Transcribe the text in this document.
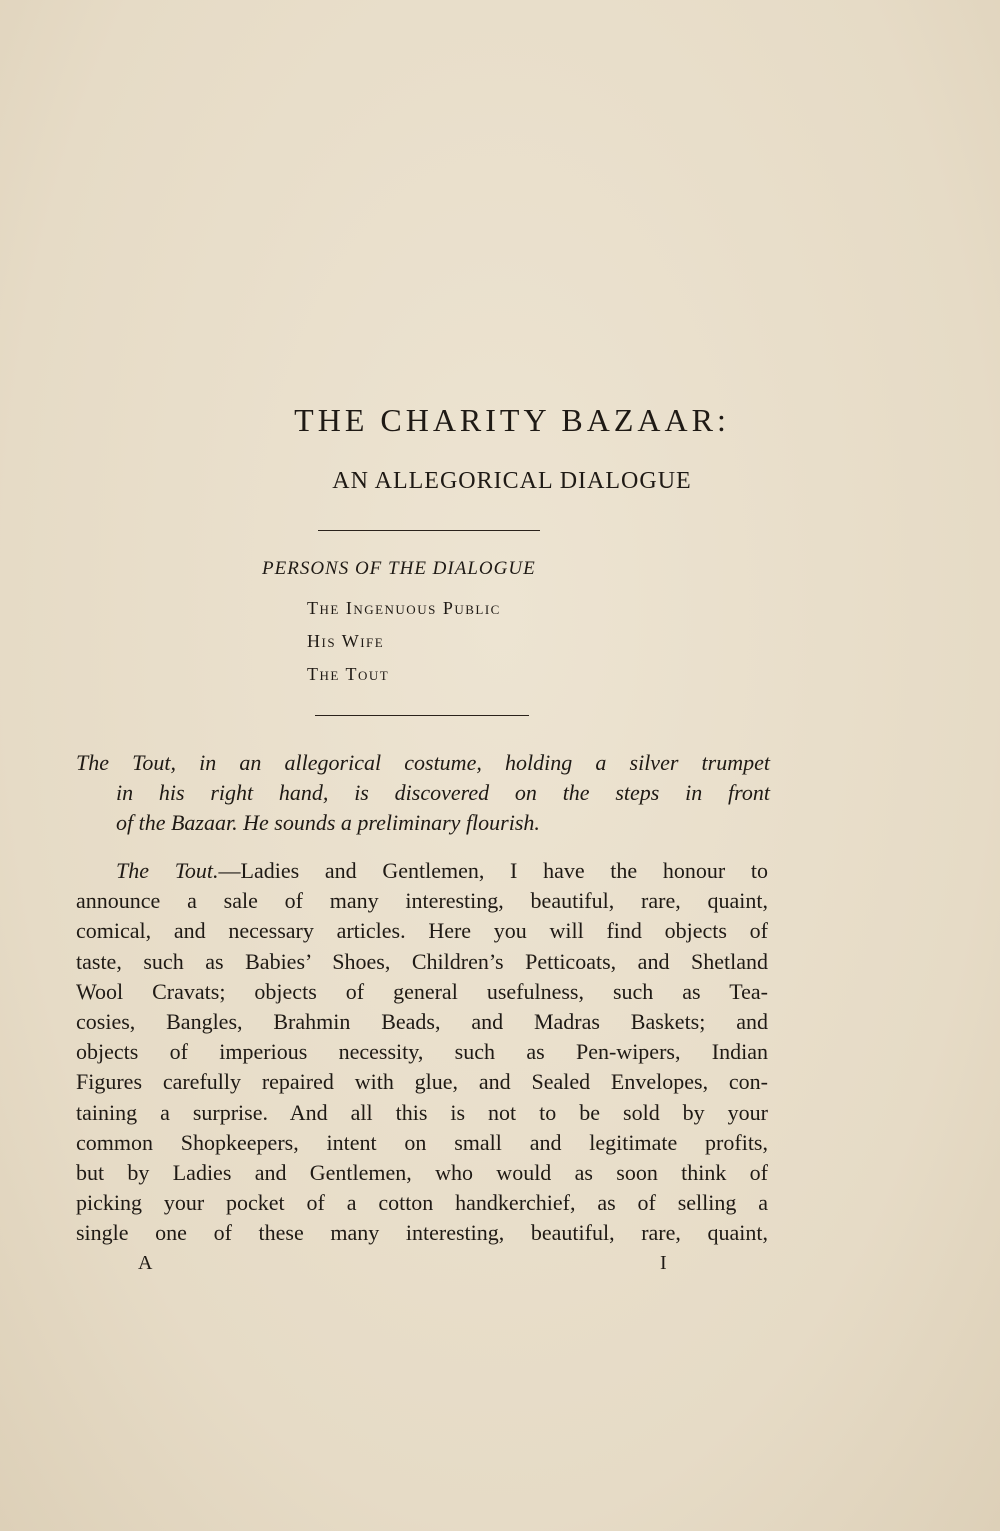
THE CHARITY BAZAAR:
AN ALLEGORICAL DIALOGUE
PERSONS OF THE DIALOGUE
The Ingenuous Public
His Wife
The Tout
The Tout, in an allegorical costume, holding a silver trumpet
in his right hand, is discovered on the steps in front
of the Bazaar. He sounds a preliminary flourish.
The Tout.—Ladies and Gentlemen, I have the honour to
announce a sale of many interesting, beautiful, rare, quaint,
comical, and necessary articles. Here you will find objects of
taste, such as Babies’ Shoes, Children’s Petticoats, and Shetland
Wool Cravats; objects of general usefulness, such as Tea-
cosies, Bangles, Brahmin Beads, and Madras Baskets; and
objects of imperious necessity, such as Pen-wipers, Indian
Figures carefully repaired with glue, and Sealed Envelopes, con-
taining a surprise. And all this is not to be sold by your
common Shopkeepers, intent on small and legitimate profits,
but by Ladies and Gentlemen, who would as soon think of
picking your pocket of a cotton handkerchief, as of selling a
single one of these many interesting, beautiful, rare, quaint,
A	I
